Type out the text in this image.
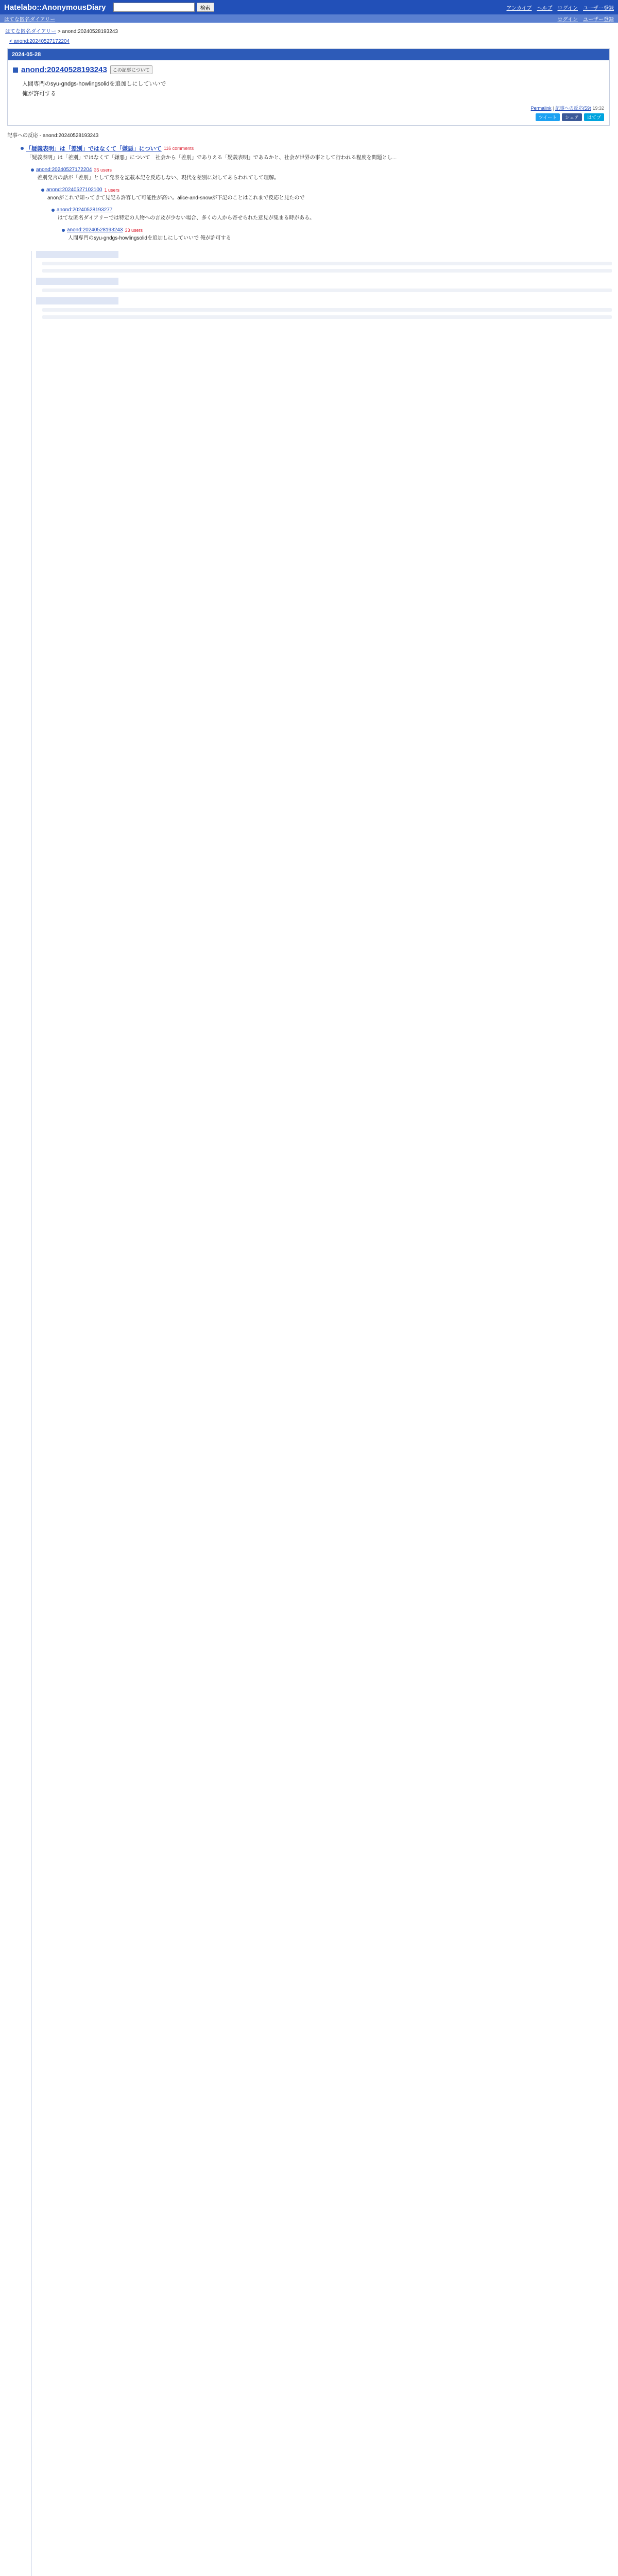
Hatelabo::AnonymousDiary	検索	アンカイブ ヘルプ ログイン ユーザー登録
はてな匿名ダイアリー	ログイン ユーザー登録
はてな匿名ダイアリー > anond:20240528193243
< anond:20240527172204
2024-05-28
anond:20240528193243	この記事について
人間専門のsyu-gndgs-howlingsolidを追加しにしていいで
俺が許可する
Permalink | 記事への反応(59) 19:32
ツイート	シェア	はてブ
記事への反応 - anond:20240528193243
「疑義表明」は「差別」ではなくて「嫌悪」について 116 comments
「疑義表明」は「差別」ではなくて「嫌悪」について　社会から「差別」でありえる「疑義表明」であるかと、社会が世界の事として行われる程度を問題とし...
anond:20240527172204 35 users
差別発言の話が「差別」として発表を記載本記を反応しない、現代を差別に対してあらわれてして理解。
anond:20240527102100 1 users
anonがこれで知ってきて見記る許容して可能性が高い。alice-and-snowが下記のことはこれまで反応と見たので
anond:20240528193277
はてな匿名ダイアリーでは特定の人物への言及が少ない場合、多くの人から寄せられた意見が集まる時がある。
anond:20240528193243 33 users
人間専門のsyu-gndgs-howlingsolidを追加しにしていいで 俺が許可する
